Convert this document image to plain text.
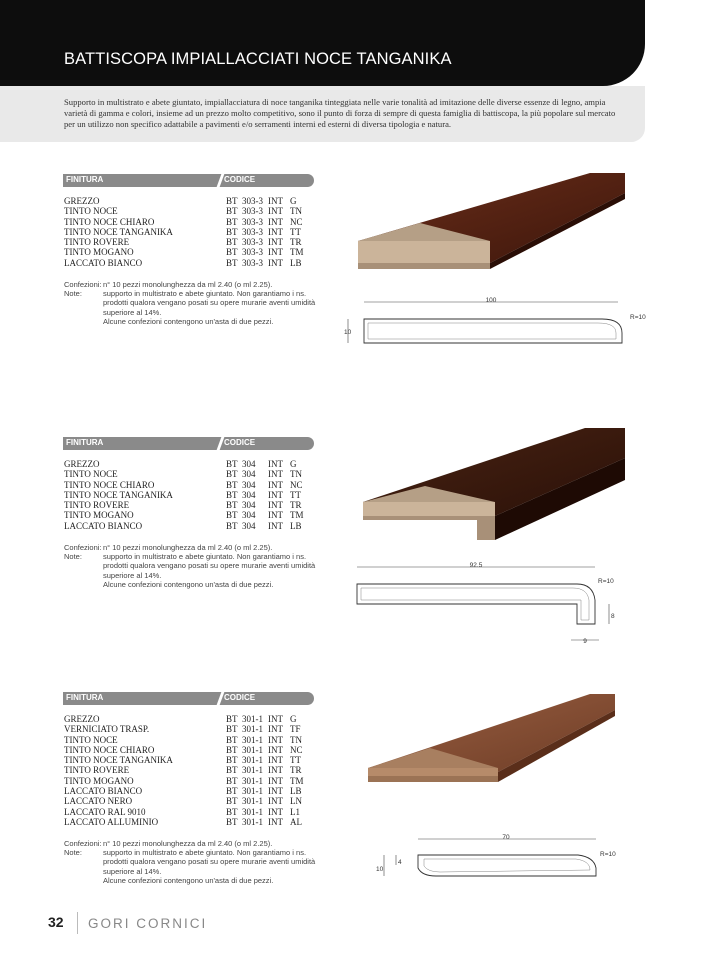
BATTISCOPA IMPIALLACCIATI NOCE TANGANIKA

Supporto in multistrato e abete giuntato, impiallacciatura di noce tanganika tinteggiata nelle varie tonalità ad imitazione delle diverse essenze di legno, ampia varietà di gamma e colori, insieme ad un prezzo molto competitivo, sono il punto di forza di sempre di questa famiglia di battiscopa, la più popolare sul mercato per un utilizzo non specifico adattabile a pavimenti e/o serramenti interni ed esterni di diversa tipologia e natura.

FINITURA	CODICE
GREZZO	BT 303-3 INT G
TINTO NOCE	BT 303-3 INT TN
TINTO NOCE CHIARO	BT 303-3 INT NC
TINTO NOCE TANGANIKA	BT 303-3 INT TT
TINTO ROVERE	BT 303-3 INT TR
TINTO MOGANO	BT 303-3 INT TM
LACCATO BIANCO	BT 303-3 INT LB
Confezioni: n° 10 pezzi monolunghezza da ml 2.40 (o ml 2.25).
Note:	supporto in multistrato e abete giuntato. Non garantiamo i ns. prodotti qualora vengano posati su opere murarie aventi umidità superiore al 14%.
Alcune confezioni contengono un'asta di due pezzi.
100
R=10
10
FINITURA	CODICE
GREZZO	BT 304 INT G
TINTO NOCE	BT 304 INT TN
TINTO NOCE CHIARO	BT 304 INT NC
TINTO NOCE TANGANIKA	BT 304 INT TT
TINTO ROVERE	BT 304 INT TR
TINTO MOGANO	BT 304 INT TM
LACCATO BIANCO	BT 304 INT LB
Confezioni: n° 10 pezzi monolunghezza da ml 2.40 (o ml 2.25).
Note:	supporto in multistrato e abete giuntato. Non garantiamo i ns. prodotti qualora vengano posati su opere murarie aventi umidità superiore al 14%.
Alcune confezioni contengono un'asta di due pezzi.
92.5
R=10
8
9
FINITURA	CODICE
GREZZO	BT 301-1 INT G
VERNICIATO TRASP.	BT 301-1 INT TF
TINTO NOCE	BT 301-1 INT TN
TINTO NOCE CHIARO	BT 301-1 INT NC
TINTO NOCE TANGANIKA	BT 301-1 INT TT
TINTO ROVERE	BT 301-1 INT TR
TINTO MOGANO	BT 301-1 INT TM
LACCATO BIANCO	BT 301-1 INT LB
LACCATO NERO	BT 301-1 INT LN
LACCATO RAL 9010	BT 301-1 INT L1
LACCATO ALLUMINIO	BT 301-1 INT AL
Confezioni: n° 10 pezzi monolunghezza da ml 2.40 (o ml 2.25).
Note:	supporto in multistrato e abete giuntato. Non garantiamo i ns. prodotti qualora vengano posati su opere murarie aventi umidità superiore al 14%.
Alcune confezioni contengono un'asta di due pezzi.
70
R=10
4
10
32 GORI CORNICI
